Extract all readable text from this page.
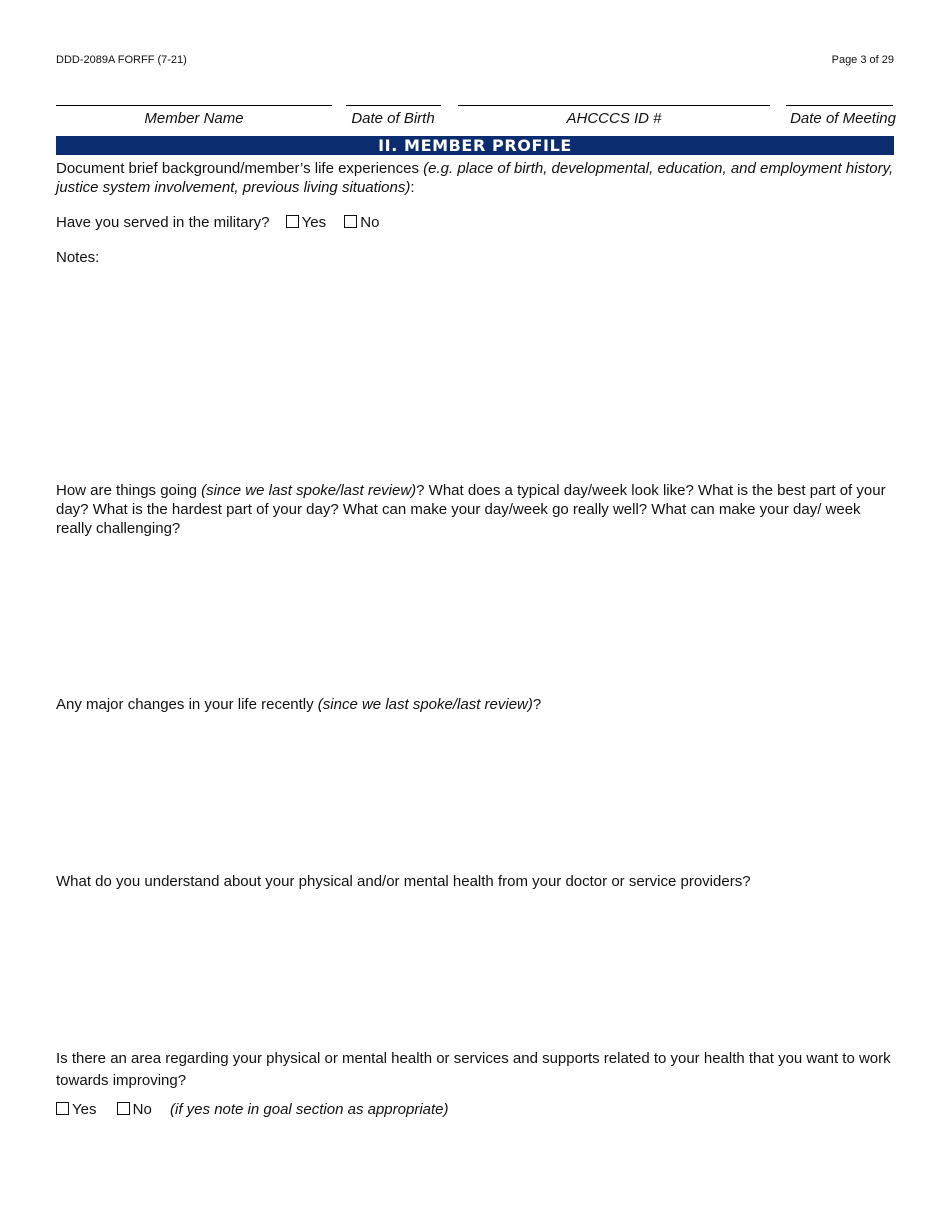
DDD-2089A FORFF (7-21)	Page 3 of 29
Member Name	Date of Birth	AHCCCS ID #	Date of Meeting
II. MEMBER PROFILE
Document brief background/member’s life experiences (e.g. place of birth, developmental, education, and employment history, justice system involvement, previous living situations):
Have you served in the military? Yes No
Notes:
How are things going (since we last spoke/last review)? What does a typical day/week look like? What is the best part of your day? What is the hardest part of your day? What can make your day/week go really well? What can make your day/ week really challenging?
Any major changes in your life recently (since we last spoke/last review)?
What do you understand about your physical and/or mental health from your doctor or service providers?
Is there an area regarding your physical or mental health or services and supports related to your health that you want to work towards improving?
Yes No (if yes note in goal section as appropriate)
